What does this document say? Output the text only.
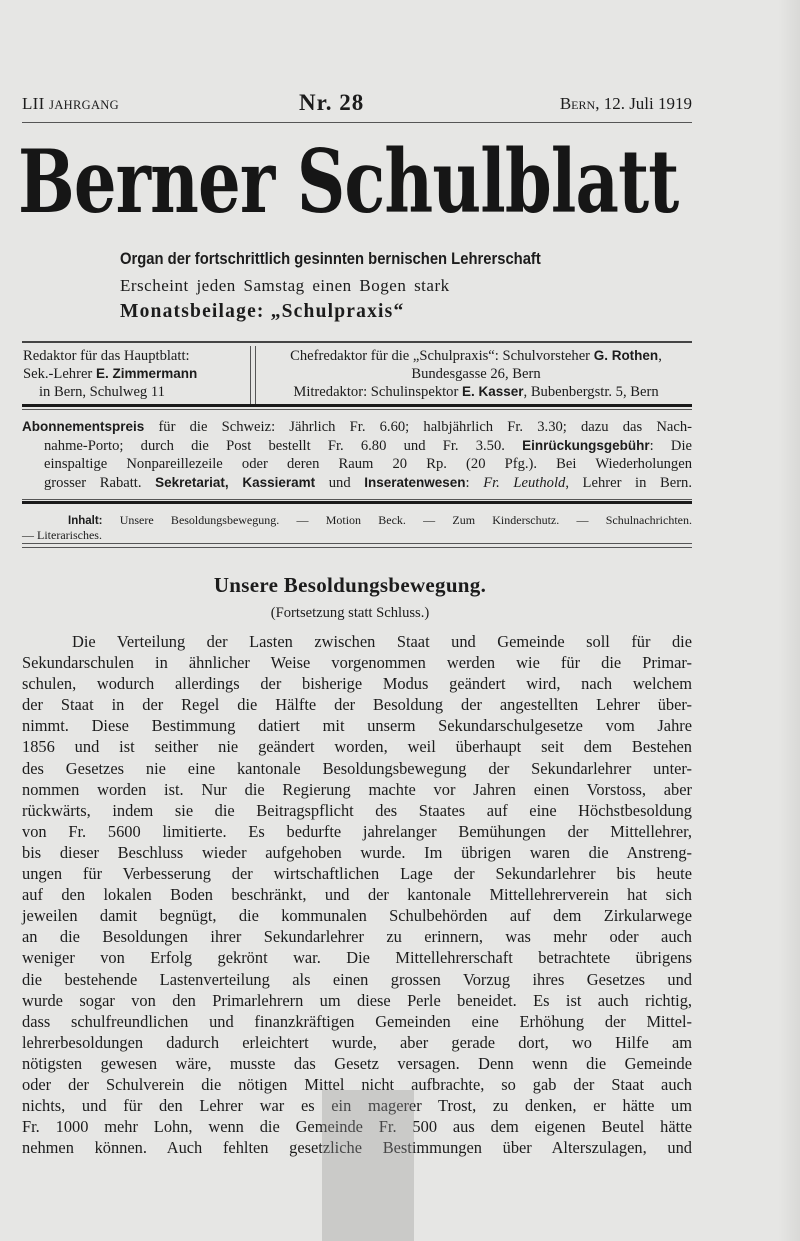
LII JAHRGANG	Nr. 28	Bern, 12. Juli 1919
Berner Schulblatt
Organ der fortschrittlich gesinnten bernischen Lehrerschaft
Erscheint jeden Samstag einen Bogen stark
Monatsbeilage: „Schulpraxis“
Redaktor für das Hauptblatt:
Sek.-Lehrer E. Zimmermann
in Bern, Schulweg 11
Chefredaktor für die „Schulpraxis“: Schulvorsteher G. Rothen,
Bundesgasse 26, Bern
Mitredaktor: Schulinspektor E. Kasser, Bubenbergstr. 5, Bern
Abonnementspreis für die Schweiz: Jährlich Fr. 6.60; halbjährlich Fr. 3.30; dazu das Nach-
nahme-Porto; durch die Post bestellt Fr. 6.80 und Fr. 3.50. Einrückungsgebühr: Die
einspaltige Nonpareillezeile oder deren Raum 20 Rp. (20 Pfg.). Bei Wiederholungen
grosser Rabatt. Sekretariat, Kassieramt und Inseratenwesen: Fr. Leuthold, Lehrer in Bern.
Inhalt: Unsere Besoldungsbewegung. — Motion Beck. — Zum Kinderschutz. — Schulnachrichten.
— Literarisches.
Unsere Besoldungsbewegung.
(Fortsetzung statt Schluss.)
Die Verteilung der Lasten zwischen Staat und Gemeinde soll für die
Sekundarschulen in ähnlicher Weise vorgenommen werden wie für die Primar-
schulen, wodurch allerdings der bisherige Modus geändert wird, nach welchem
der Staat in der Regel die Hälfte der Besoldung der angestellten Lehrer über-
nimmt. Diese Bestimmung datiert mit unserm Sekundarschulgesetze vom Jahre
1856 und ist seither nie geändert worden, weil überhaupt seit dem Bestehen
des Gesetzes nie eine kantonale Besoldungsbewegung der Sekundarlehrer unter-
nommen worden ist. Nur die Regierung machte vor Jahren einen Vorstoss, aber
rückwärts, indem sie die Beitragspflicht des Staates auf eine Höchstbesoldung
von Fr. 5600 limitierte. Es bedurfte jahrelanger Bemühungen der Mittellehrer,
bis dieser Beschluss wieder aufgehoben wurde. Im übrigen waren die Anstreng-
ungen für Verbesserung der wirtschaftlichen Lage der Sekundarlehrer bis heute
auf den lokalen Boden beschränkt, und der kantonale Mittellehrerverein hat sich
jeweilen damit begnügt, die kommunalen Schulbehörden auf dem Zirkularwege
an die Besoldungen ihrer Sekundarlehrer zu erinnern, was mehr oder auch
weniger von Erfolg gekrönt war. Die Mittellehrerschaft betrachtete übrigens
die bestehende Lastenverteilung als einen grossen Vorzug ihres Gesetzes und
wurde sogar von den Primarlehrern um diese Perle beneidet. Es ist auch richtig,
dass schulfreundlichen und finanzkräftigen Gemeinden eine Erhöhung der Mittel-
lehrerbesoldungen dadurch erleichtert wurde, aber gerade dort, wo Hilfe am
nötigsten gewesen wäre, musste das Gesetz versagen. Denn wenn die Gemeinde
oder der Schulverein die nötigen Mittel nicht aufbrachte, so gab der Staat auch
nichts, und für den Lehrer war es ein magerer Trost, zu denken, er hätte um
Fr. 1000 mehr Lohn, wenn die Gemeinde Fr. 500 aus dem eigenen Beutel hätte
nehmen können. Auch fehlten gesetzliche Bestimmungen über Alterszulagen, und
